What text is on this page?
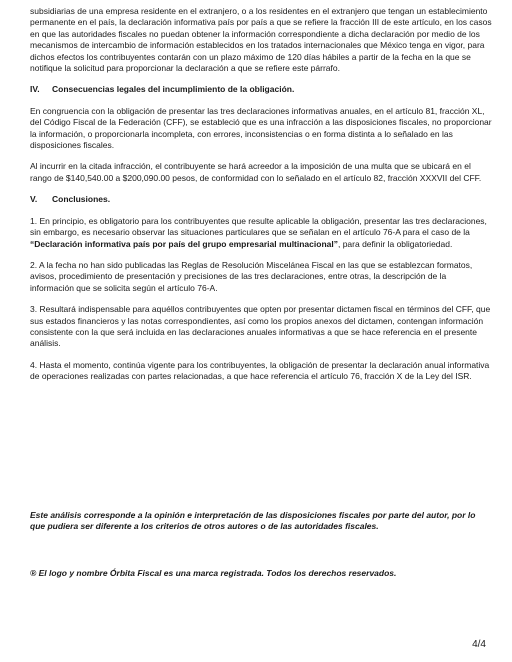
subsidiarias de una empresa residente en el extranjero, o a los residentes en el extranjero que tengan un establecimiento permanente en el país, la declaración informativa país por país a que se refiere la fracción III de este artículo, en los casos en que las autoridades fiscales no puedan obtener la información correspondiente a dicha declaración por medio de los mecanismos de intercambio de información establecidos en los tratados internacionales que México tenga en vigor, para dichos efectos los contribuyentes contarán con un plazo máximo de 120 días hábiles a partir de la fecha en la que se notifique la solicitud para proporcionar la declaración a que se refiere este párrafo.

IV. Consecuencias legales del incumplimiento de la obligación.

En congruencia con la obligación de presentar las tres declaraciones informativas anuales, en el artículo 81, fracción XL, del Código Fiscal de la Federación (CFF), se estableció que es una infracción a las disposiciones fiscales, no proporcionar la información, o proporcionarla incompleta, con errores, inconsistencias o en forma distinta a lo señalado en las disposiciones fiscales.

Al incurrir en la citada infracción, el contribuyente se hará acreedor a la imposición de una multa que se ubicará en el rango de $140,540.00 a $200,090.00 pesos, de conformidad con lo señalado en el artículo 82, fracción XXXVII del CFF.

V. Conclusiones.

1. En principio, es obligatorio para los contribuyentes que resulte aplicable la obligación, presentar las tres declaraciones, sin embargo, es necesario observar las situaciones particulares que se señalan en el artículo 76-A para el caso de la “Declaración informativa país por país del grupo empresarial multinacional”, para definir la obligatoriedad.

2. A la fecha no han sido publicadas las Reglas de Resolución Miscelánea Fiscal en las que se establezcan formatos, avisos, procedimiento de presentación y precisiones de las tres declaraciones, entre otras, la descripción de la información que se solicita según el artículo 76-A.

3. Resultará indispensable para aquéllos contribuyentes que opten por presentar dictamen fiscal en términos del CFF, que sus estados financieros y las notas correspondientes, así como los propios anexos del dictamen, contengan información consistente con la que será incluida en las declaraciones anuales informativas a que se hace referencia en el presente análisis.

4. Hasta el momento, continúa vigente para los contribuyentes, la obligación de presentar la declaración anual informativa de operaciones realizadas con partes relacionadas, a que hace referencia el artículo 76, fracción X de la Ley del ISR.

Este análisis corresponde a la opinión e interpretación de las disposiciones fiscales por parte del autor, por lo que pudiera ser diferente a los criterios de otros autores o de las autoridades fiscales.
® El logo y nombre Órbita Fiscal es una marca registrada. Todos los derechos reservados.
4/4
